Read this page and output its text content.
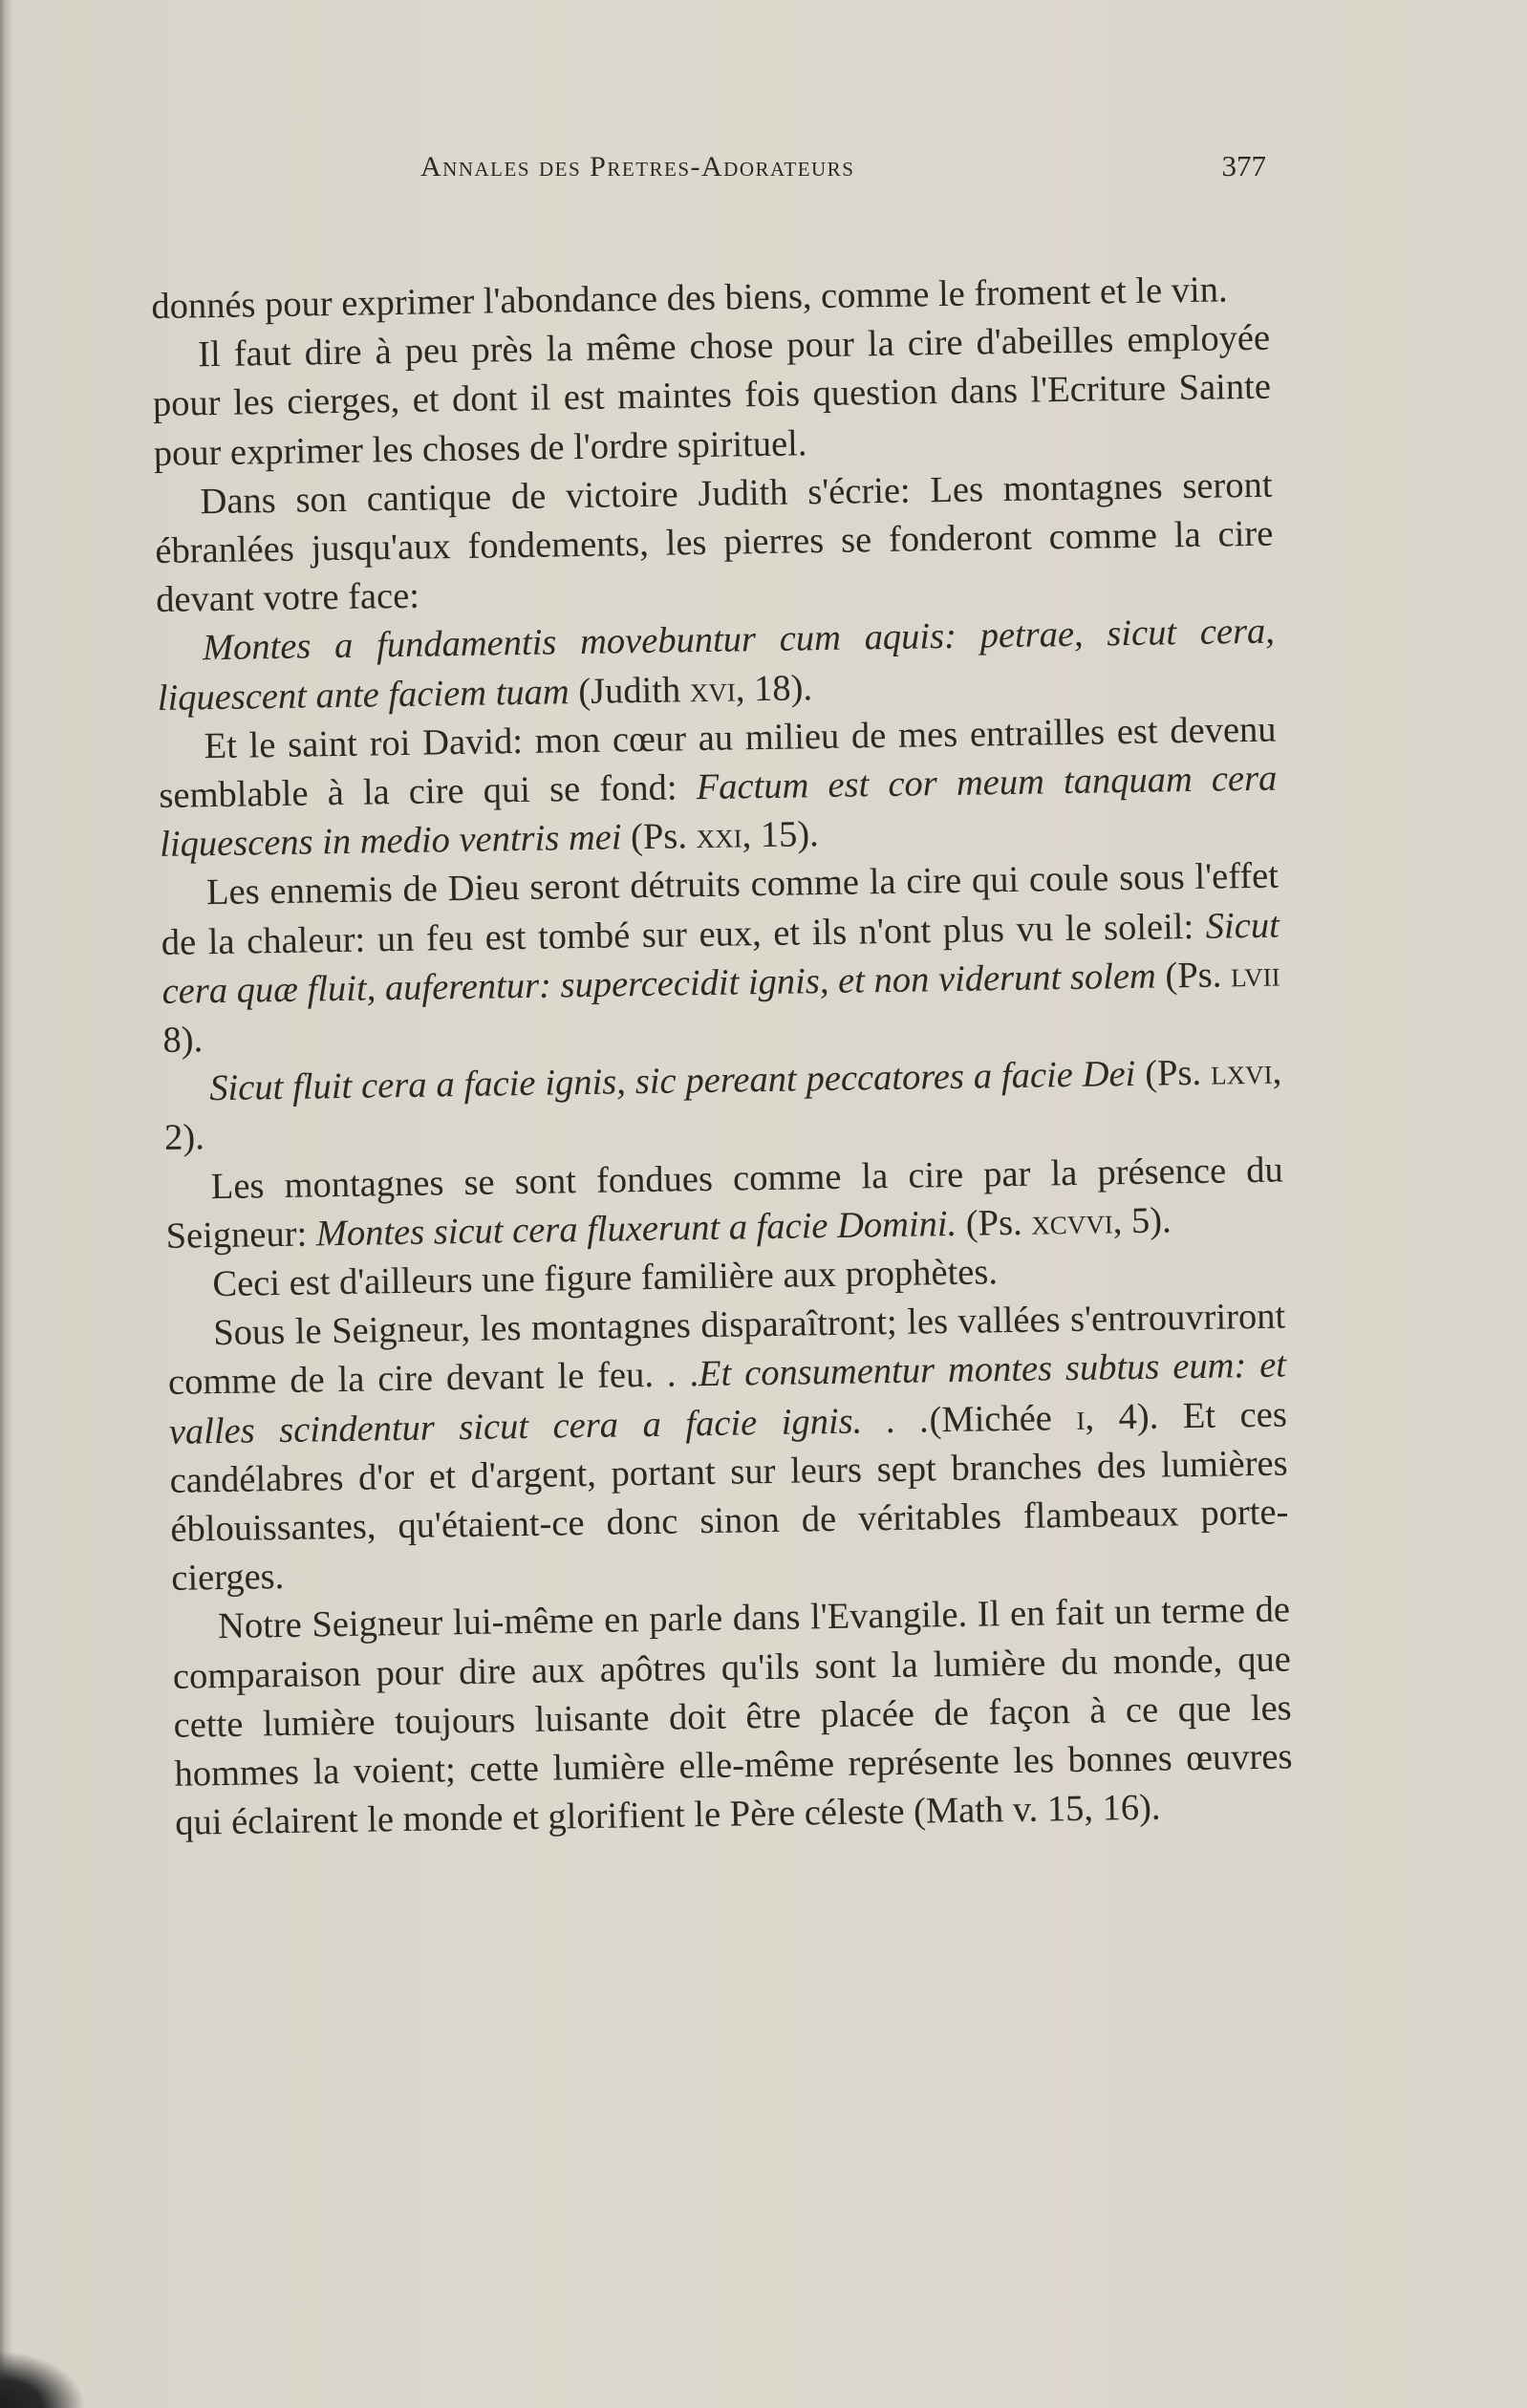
Annales des Pretres-Adorateurs	377

donnés pour exprimer l'abondance des biens, comme le froment et le vin.

Il faut dire à peu près la même chose pour la cire d'abeilles employée pour les cierges, et dont il est maintes fois question dans l'Ecriture Sainte pour exprimer les choses de l'ordre spirituel.

Dans son cantique de victoire Judith s'écrie: Les montagnes seront ébranlées jusqu'aux fondements, les pierres se fonderont comme la cire devant votre face:

Montes a fundamentis movebuntur cum aquis: petrae, sicut cera, liquescent ante faciem tuam (Judith xvi, 18).

Et le saint roi David: mon cœur au milieu de mes entrailles est devenu semblable à la cire qui se fond: Factum est cor meum tanquam cera liquescens in medio ventris mei (Ps. xxi, 15).

Les ennemis de Dieu seront détruits comme la cire qui coule sous l'effet de la chaleur: un feu est tombé sur eux, et ils n'ont plus vu le soleil: Sicut cera quæ fluit, auferentur: supercecidit ignis, et non viderunt solem (Ps. lvii 8).

Sicut fluit cera a facie ignis, sic pereant peccatores a facie Dei (Ps. lxvi, 2).

Les montagnes se sont fondues comme la cire par la présence du Seigneur: Montes sicut cera fluxerunt a facie Domini. (Ps. xcvvi, 5).

Ceci est d'ailleurs une figure familière aux prophètes.

Sous le Seigneur, les montagnes disparaîtront; les vallées s'entrouvriront comme de la cire devant le feu. . .Et consumentur montes subtus eum: et valles scindentur sicut cera a facie ignis. . .(Michée i, 4). Et ces candélabres d'or et d'argent, portant sur leurs sept branches des lumières éblouissantes, qu'étaient-ce donc sinon de véritables flambeaux porte-cierges.

Notre Seigneur lui-même en parle dans l'Evangile. Il en fait un terme de comparaison pour dire aux apôtres qu'ils sont la lumière du monde, que cette lumière toujours luisante doit être placée de façon à ce que les hommes la voient; cette lumière elle-même représente les bonnes œuvres qui éclairent le monde et glorifient le Père céleste (Math v. 15, 16).
